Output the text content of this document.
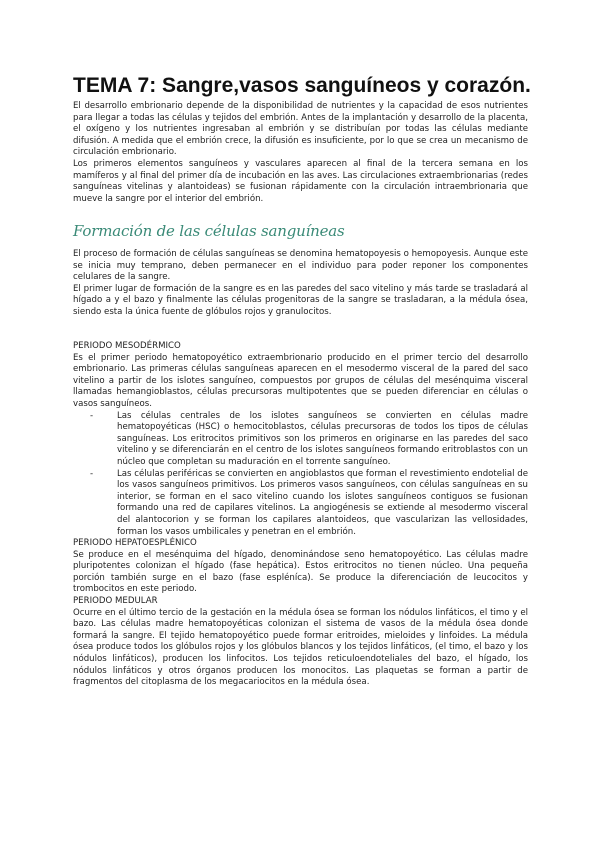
TEMA 7: Sangre,vasos sanguíneos y corazón.

El desarrollo embrionario depende de la disponibilidad de nutrientes y la capacidad de esos nutrientes para llegar a todas las células y tejidos del embrión. Antes de la implantación y desarrollo de la placenta, el oxígeno y los nutrientes ingresaban al embrión y se distribuían por todas las células mediante difusión. A medida que el embrión crece, la difusión es insuficiente, por lo que se crea un mecanismo de circulación embrionario.

Los primeros elementos sanguíneos y vasculares aparecen al final de la tercera semana en los mamíferos y al final del primer día de incubación en las aves. Las circulaciones extraembrionarias (redes sanguíneas vitelinas y alantoideas) se fusionan rápidamente con la circulación intraembrionaria que mueve la sangre por el interior del embrión.

Formación de las células sanguíneas

El proceso de formación de células sanguíneas se denomina hematopoyesis o hemopoyesis. Aunque este se inicia muy temprano, deben permanecer en el individuo para poder reponer los componentes celulares de la sangre.

El primer lugar de formación de la sangre es en las paredes del saco vitelino y más tarde se trasladará al hígado a y el bazo y finalmente las células progenitoras de la sangre se trasladaran, a la médula ósea, siendo esta la única fuente de glóbulos rojos y granulocitos.

PERIODO MESODÉRMICO

Es el primer periodo hematopoyético extraembrionario producido en el primer tercio del desarrollo embrionario. Las primeras células sanguíneas aparecen en el mesodermo visceral de la pared del saco vitelino a partir de los islotes sanguíneo, compuestos por grupos de células del mesénquima visceral llamadas hemangioblastos, células precursoras multipotentes que se pueden diferenciar en células o vasos sanguíneos.

-	Las células centrales de los islotes sanguíneos se convierten en células madre hematopoyéticas (HSC) o hemocitoblastos, células precursoras de todos los tipos de células sanguíneas. Los eritrocitos primitivos son los primeros en originarse en las paredes del saco vitelino y se diferenciarán en el centro de los islotes sanguíneos formando eritroblastos con un núcleo que completan su maduración en el torrente sanguíneo.
-	Las células periféricas se convierten en angioblastos que forman el revestimiento endotelial de los vasos sanguíneos primitivos. Los primeros vasos sanguíneos, con células sanguíneas en su interior, se forman en el saco vitelino cuando los islotes sanguíneos contiguos se fusionan formando una red de capilares vitelinos. La angiogénesis se extiende al mesodermo visceral del alantocorion y se forman los capilares alantoideos, que vascularizan las vellosidades, forman los vasos umbilicales y penetran en el embrión.

PERIODO HEPATOESPLÉNICO

Se produce en el mesénquima del hígado, denominándose seno hematopoyético. Las células madre pluripotentes colonizan el hígado (fase hepática). Estos eritrocitos no tienen núcleo. Una pequeña porción también surge en el bazo (fase espléníca). Se produce la diferenciación de leucocitos y trombocitos en este periodo.

PERIODO MEDULAR

Ocurre en el último tercio de la gestación en la médula ósea se forman los nódulos linfáticos, el timo y el bazo. Las células madre hematopoyéticas colonizan el sistema de vasos de la médula ósea donde formará la sangre. El tejido hematopoyético puede formar eritroides, mieloides y linfoides. La médula ósea produce todos los glóbulos rojos y los glóbulos blancos y los tejidos linfáticos, (el timo, el bazo y los nódulos linfáticos), producen los linfocitos. Los tejidos reticuloendoteliales del bazo, el hígado, los nódulos linfáticos y otros órganos producen los monocitos. Las plaquetas se forman a partir de fragmentos del citoplasma de los megacariocitos en la médula ósea.
